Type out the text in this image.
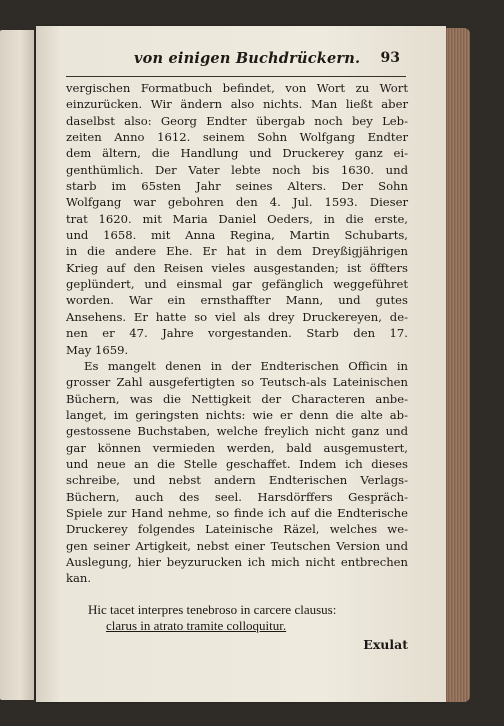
von einigen Buchdrückern. 93
vergischen Formatbuch befindet, von Wort zu Wort
einzurücken. Wir ändern also nichts. Man ließt aber
daselbst also: Georg Endter übergab noch bey Leb-
zeiten Anno 1612. seinem Sohn Wolfgang Endter
dem ältern, die Handlung und Druckerey ganz ei-
genthümlich. Der Vater lebte noch bis 1630. und
starb im 65sten Jahr seines Alters. Der Sohn
Wolfgang war gebohren den 4. Jul. 1593. Dieser
trat 1620. mit Maria Daniel Oeders, in die erste,
und 1658. mit Anna Regina, Martin Schubarts,
in die andere Ehe. Er hat in dem Dreyßigjährigen
Krieg auf den Reisen vieles ausgestanden; ist öffters
geplündert, und einsmal gar gefänglich weggeführet
worden. War ein ernsthaffter Mann, und gutes
Ansehens. Er hatte so viel als drey Druckereyen, de-
nen er 47. Jahre vorgestanden. Starb den 17.
May 1659.
Es mangelt denen in der Endterischen Officin in
grosser Zahl ausgefertigten so Teutsch-als Lateinischen
Büchern, was die Nettigkeit der Characteren anbe-
langet, im geringsten nichts: wie er denn die alte ab-
gestossene Buchstaben, welche freylich nicht ganz und
gar können vermieden werden, bald ausgemustert,
und neue an die Stelle geschaffet. Indem ich dieses
schreibe, und nebst andern Endterischen Verlags-
Büchern, auch des seel. Harsdörffers Gespräch-
Spiele zur Hand nehme, so finde ich auf die Endterische
Druckerey folgendes Lateinische Räzel, welches we-
gen seiner Artigkeit, nebst einer Teutschen Version und
Auslegung, hier beyzurucken ich mich nicht entbrechen
kan.
Hic tacet interpres tenebroso in carcere clausus:
clarus in atrato tramite colloquitur.
Exulat
